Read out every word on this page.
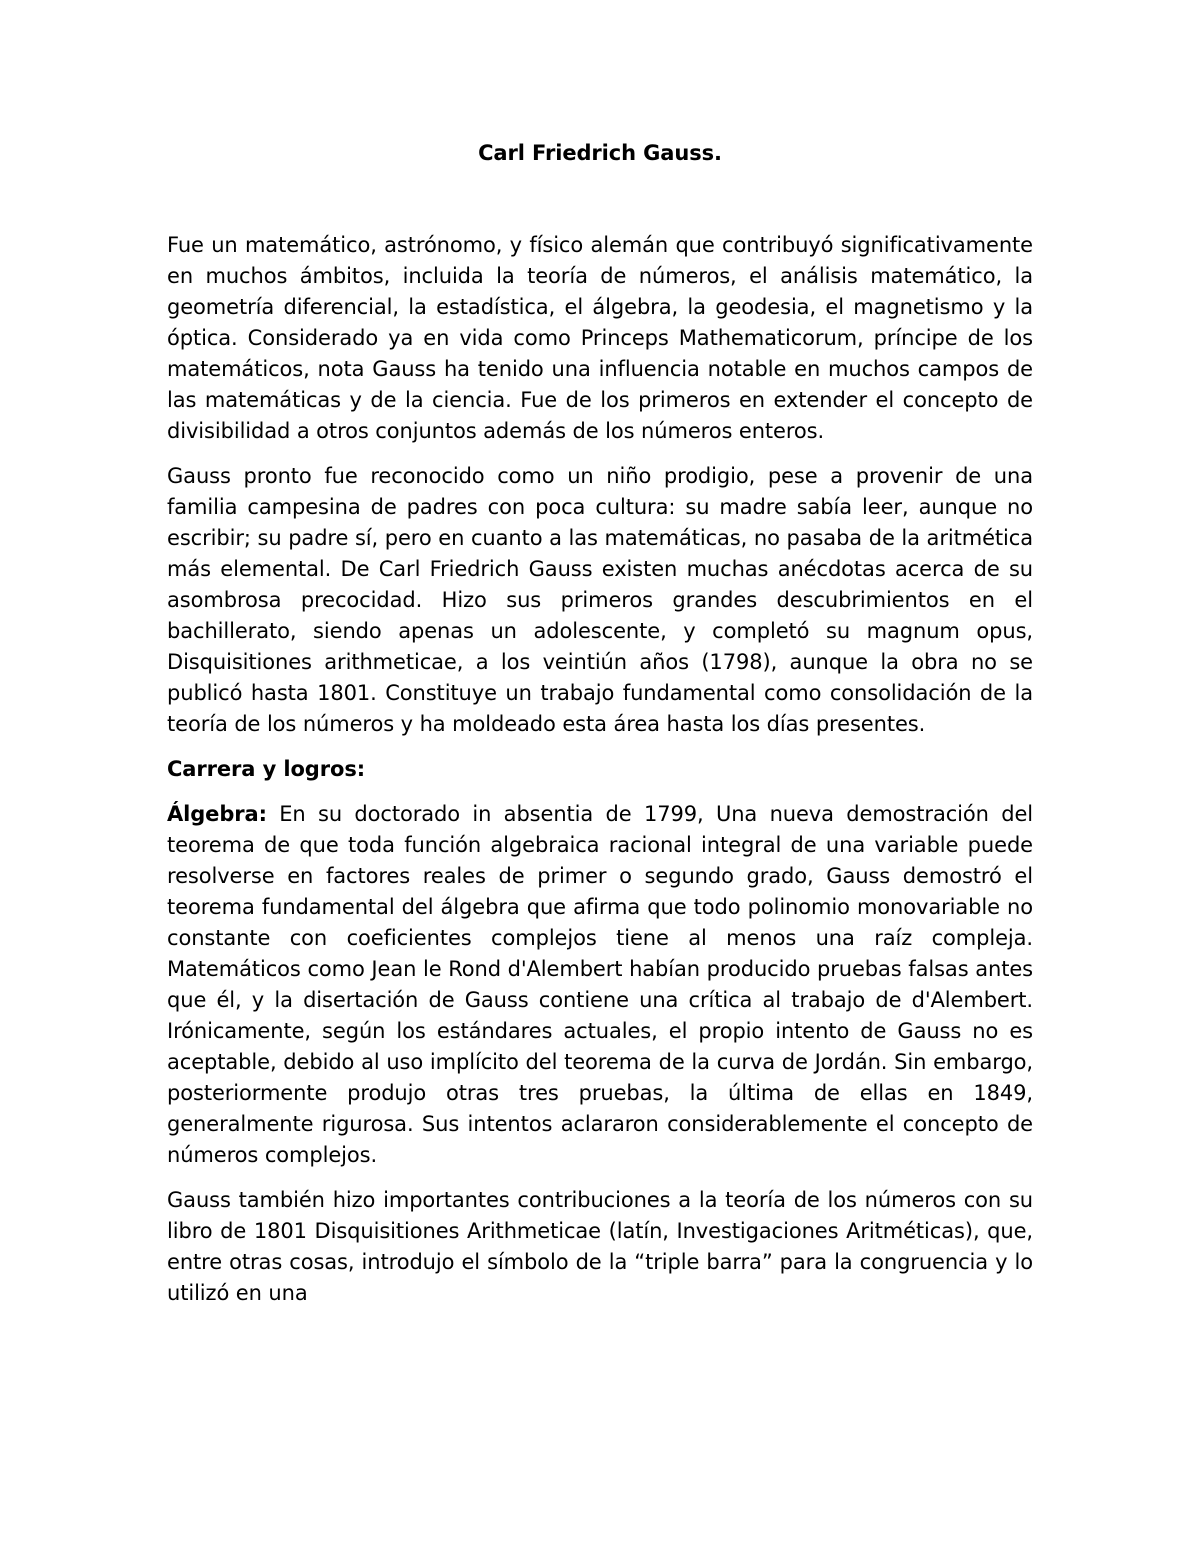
Carl Friedrich Gauss.

Fue un matemático, astrónomo, y físico alemán que contribuyó significativamente en muchos ámbitos, incluida la teoría de números, el análisis matemático, la geometría diferencial, la estadística, el álgebra, la geodesia, el magnetismo y la óptica. Considerado ya en vida como Princeps Mathematicorum, príncipe de los matemáticos, nota Gauss ha tenido una influencia notable en muchos campos de las matemáticas y de la ciencia. Fue de los primeros en extender el concepto de divisibilidad a otros conjuntos además de los números enteros.

Gauss pronto fue reconocido como un niño prodigio, pese a provenir de una familia campesina de padres con poca cultura: su madre sabía leer, aunque no escribir; su padre sí, pero en cuanto a las matemáticas, no pasaba de la aritmética más elemental. De Carl Friedrich Gauss existen muchas anécdotas acerca de su asombrosa precocidad. Hizo sus primeros grandes descubrimientos en el bachillerato, siendo apenas un adolescente, y completó su magnum opus, Disquisitiones arithmeticae, a los veintiún años (1798), aunque la obra no se publicó hasta 1801. Constituye un trabajo fundamental como consolidación de la teoría de los números y ha moldeado esta área hasta los días presentes.

Carrera y logros:

Álgebra: En su doctorado in absentia de 1799, Una nueva demostración del teorema de que toda función algebraica racional integral de una variable puede resolverse en factores reales de primer o segundo grado, Gauss demostró el teorema fundamental del álgebra que afirma que todo polinomio monovariable no constante con coeficientes complejos tiene al menos una raíz compleja. Matemáticos como Jean le Rond d'Alembert habían producido pruebas falsas antes que él, y la disertación de Gauss contiene una crítica al trabajo de d'Alembert. Irónicamente, según los estándares actuales, el propio intento de Gauss no es aceptable, debido al uso implícito del teorema de la curva de Jordán. Sin embargo, posteriormente produjo otras tres pruebas, la última de ellas en 1849, generalmente rigurosa. Sus intentos aclararon considerablemente el concepto de números complejos.

Gauss también hizo importantes contribuciones a la teoría de los números con su libro de 1801 Disquisitiones Arithmeticae (latín, Investigaciones Aritméticas), que, entre otras cosas, introdujo el símbolo de la “triple barra” para la congruencia y lo utilizó en una
